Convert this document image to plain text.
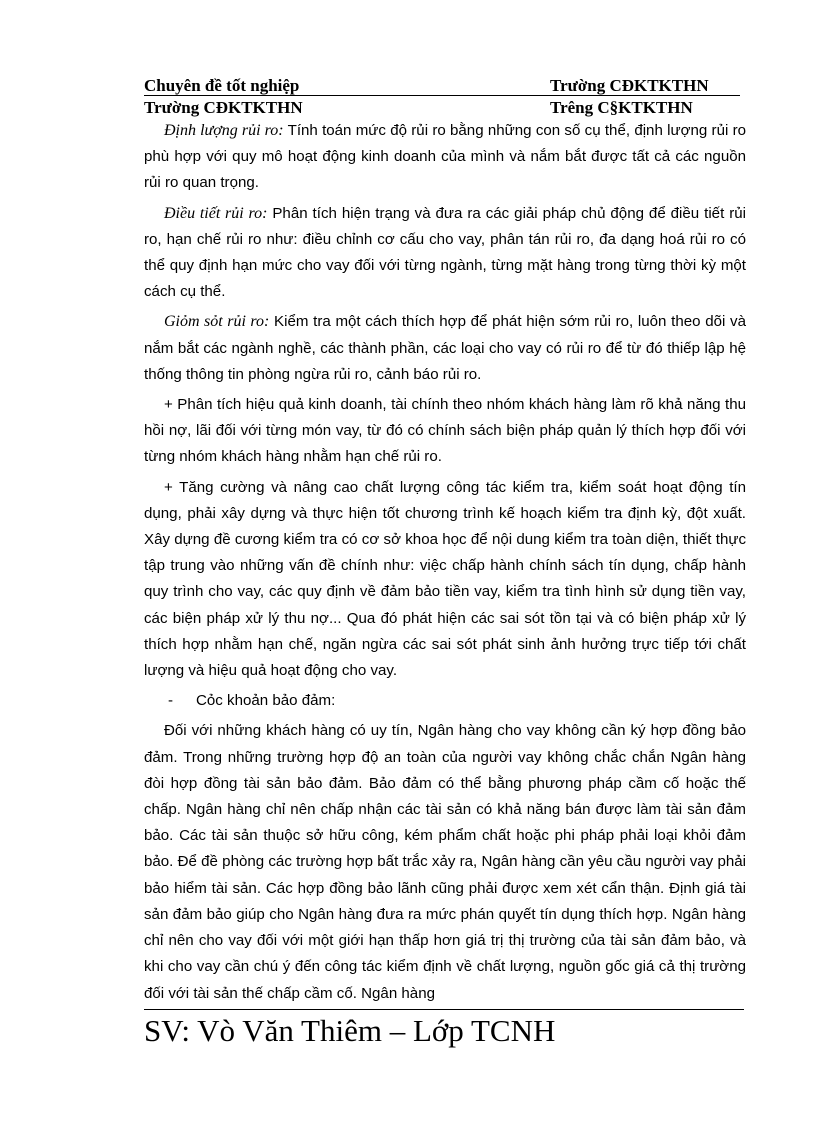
Chuyên đề tốt nghiệp	Trường CĐKTKTHN
Trường CĐKTKTHN	Trêng C§KTKTHN

Định lượng rủi ro: Tính toán mức độ rủi ro bằng những con số cụ thể, định lượng rủi ro phù hợp với quy mô hoạt động kinh doanh của mình và nắm bắt được tất cả các nguồn rủi ro quan trọng.

Điều tiết rủi ro: Phân tích hiện trạng và đưa ra các giải pháp chủ động để điều tiết rủi ro, hạn chế rủi ro như: điều chỉnh cơ cấu cho vay, phân tán rủi ro, đa dạng hoá rủi ro có thể quy định hạn mức cho vay đối với từng ngành, từng mặt hàng trong từng thời kỳ một cách cụ thể.

Giỏm sỏt rủi ro: Kiểm tra một cách thích hợp để phát hiện sớm rủi ro, luôn theo dõi và nắm bắt các ngành nghề, các thành phần, các loại cho vay có rủi ro để từ đó thiếp lập hệ thống thông tin phòng ngừa rủi ro, cảnh báo rủi ro.

+ Phân tích hiệu quả kinh doanh, tài chính theo nhóm khách hàng làm rõ khả năng thu hồi nợ, lãi đối với từng món vay, từ đó có chính sách biện pháp quản lý thích hợp đối với từng nhóm khách hàng nhằm hạn chế rủi ro.

+ Tăng cường và nâng cao chất lượng công tác kiểm tra, kiểm soát hoạt động tín dụng, phải xây dựng và thực hiện tốt chương trình kế hoạch kiểm tra định kỳ, đột xuất. Xây dựng đề cương kiểm tra có cơ sở khoa học để nội dung kiểm tra toàn diện, thiết thực tập trung vào những vấn đề chính như: việc chấp hành chính sách tín dụng, chấp hành quy trình cho vay, các quy định về đảm bảo tiền vay, kiểm tra tình hình sử dụng tiền vay, các biện pháp xử lý thu nợ... Qua đó phát hiện các sai sót tồn tại và có biện pháp xử lý thích hợp nhằm hạn chế, ngăn ngừa các sai sót phát sinh ảnh hưởng trực tiếp tới chất lượng và hiệu quả hoạt động cho vay.

- Cỏc khoản bảo đảm:

Đối với những khách hàng có uy tín, Ngân hàng cho vay không cần ký hợp đồng bảo đảm. Trong những trường hợp độ an toàn của người vay không chắc chắn Ngân hàng đòi hợp đồng tài sản bảo đảm. Bảo đảm có thể bằng phương pháp cầm cố hoặc thế chấp. Ngân hàng chỉ nên chấp nhận các tài sản có khả năng bán được làm tài sản đảm bảo. Các tài sản thuộc sở hữu công, kém phẩm chất hoặc phi pháp phải loại khỏi đảm bảo. Để đề phòng các trường hợp bất trắc xảy ra, Ngân hàng cần yêu cầu người vay phải bảo hiểm tài sản. Các hợp đồng bảo lãnh cũng phải được xem xét cẩn thận. Định giá tài sản đảm bảo giúp cho Ngân hàng đưa ra mức phán quyết tín dụng thích hợp. Ngân hàng chỉ nên cho vay đối với một giới hạn thấp hơn giá trị thị trường của tài sản đảm bảo, và khi cho vay cần chú ý đến công tác kiểm định về chất lượng, nguồn gốc giá cả thị trường đối với tài sản thế chấp cầm cố. Ngân hàng

SV: Vò Văn Thiêm – Lớp TCNH
